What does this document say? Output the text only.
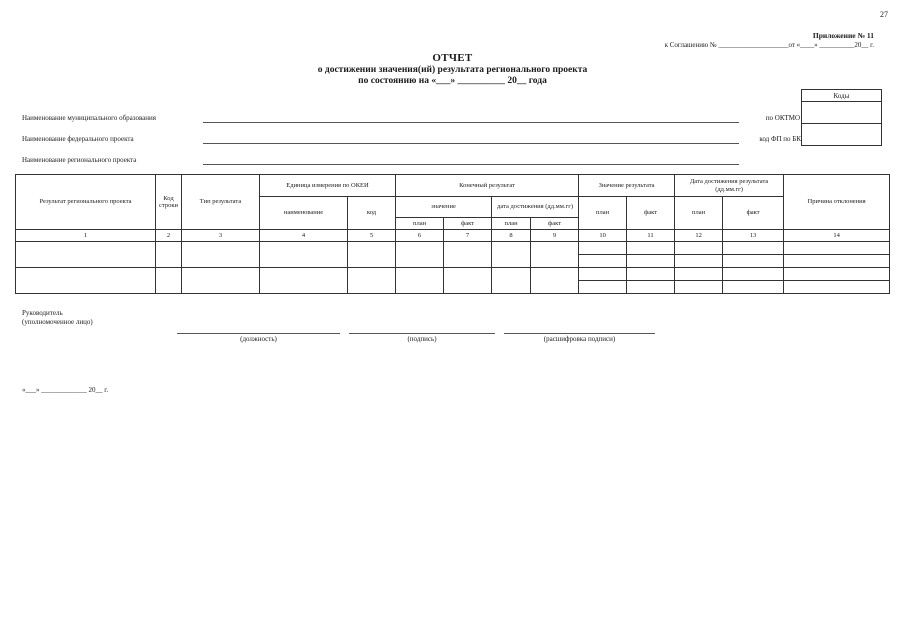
27
Приложение № 11
к Соглашению № ____________________от «____» __________20__ г.
ОТЧЕТ
о достижении значения(ий) результата регионального проекта
по состоянию на «___» __________ 20__ года
Наименование муниципального образования
Наименование федерального проекта
Наименование регионального проекта
по ОКТМО
код ФП по БК
Коды

Результат регионального проекта	Код строки	Тип результата	Единица измерения по ОКЕИ		Конечный результат				Значение результата		Дата достижения результата (дд.мм.гг)		Причина отклонения
			наименование	код	значение		дата достижения (дд.мм.гг)		план	факт	план	факт	
					план	факт	план	факт					
1	2	3	4	5	6	7	8	9	10	11	12	13	14

Руководитель
(уполномоченное лицо)
(должность)	(подпись)	(расшифровка подписи)
«___» _____________ 20__ г.
